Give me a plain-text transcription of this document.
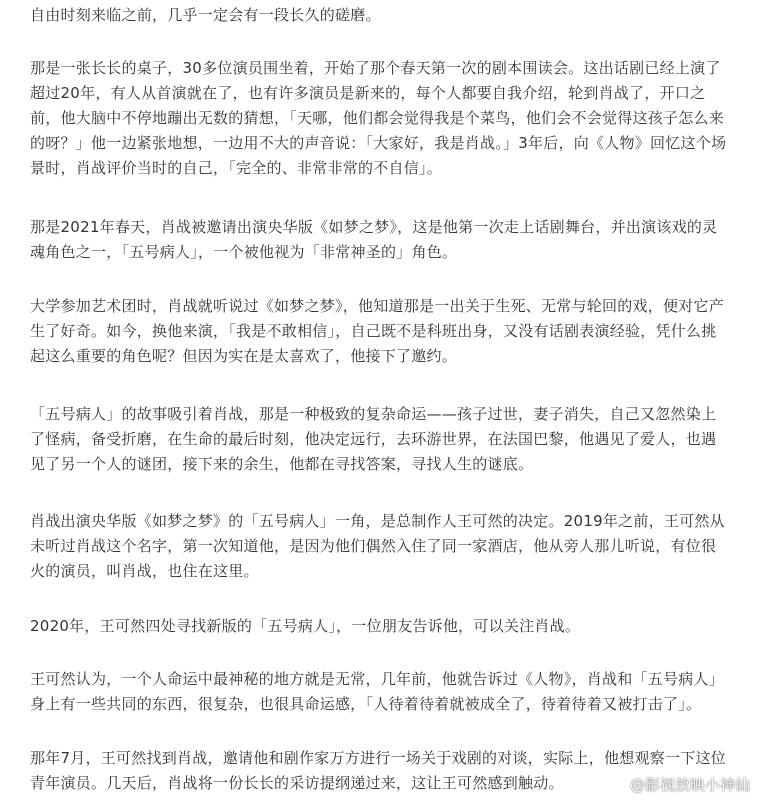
自由时刻来临之前，几乎一定会有一段长久的磋磨。

那是一张长长的桌子，30多位演员围坐着，开始了那个春天第一次的剧本围读会。这出话剧已经上演了超过20年，有人从首演就在了，也有许多演员是新来的，每个人都要自我介绍，轮到肖战了，开口之前，他大脑中不停地蹦出无数的猜想，「天哪，他们都会觉得我是个菜鸟，他们会不会觉得这孩子怎么来的呀？」他一边紧张地想，一边用不大的声音说：「大家好，我是肖战。」3年后，向《人物》回忆这个场景时，肖战评价当时的自己，「完全的、非常非常的不自信」。

那是2021年春天，肖战被邀请出演央华版《如梦之梦》，这是他第一次走上话剧舞台，并出演该戏的灵魂角色之一，「五号病人」，一个被他视为「非常神圣的」角色。

大学参加艺术团时，肖战就听说过《如梦之梦》，他知道那是一出关于生死、无常与轮回的戏，便对它产生了好奇。如今，换他来演，「我是不敢相信」，自己既不是科班出身，又没有话剧表演经验，凭什么挑起这么重要的角色呢？但因为实在是太喜欢了，他接下了邀约。

「五号病人」的故事吸引着肖战，那是一种极致的复杂命运——孩子过世，妻子消失，自己又忽然染上了怪病，备受折磨，在生命的最后时刻，他决定远行，去环游世界，在法国巴黎，他遇见了爱人，也遇见了另一个人的谜团，接下来的余生，他都在寻找答案，寻找人生的谜底。

肖战出演央华版《如梦之梦》的「五号病人」一角，是总制作人王可然的决定。2019年之前，王可然从未听过肖战这个名字，第一次知道他，是因为他们偶然入住了同一家酒店，他从旁人那儿听说，有位很火的演员，叫肖战，也住在这里。

2020年，王可然四处寻找新版的「五号病人」，一位朋友告诉他，可以关注肖战。

王可然认为，一个人命运中最神秘的地方就是无常，几年前，他就告诉过《人物》，肖战和「五号病人」身上有一些共同的东西，很复杂，也很具命运感，「人待着待着就被成全了，待着待着又被打击了」。

那年7月，王可然找到肖战，邀请他和剧作家万方进行一场关于戏剧的对谈，实际上，他想观察一下这位青年演员。几天后，肖战将一份长长的采访提纲递过来，这让王可然感到触动。	@影视放映小神仙
